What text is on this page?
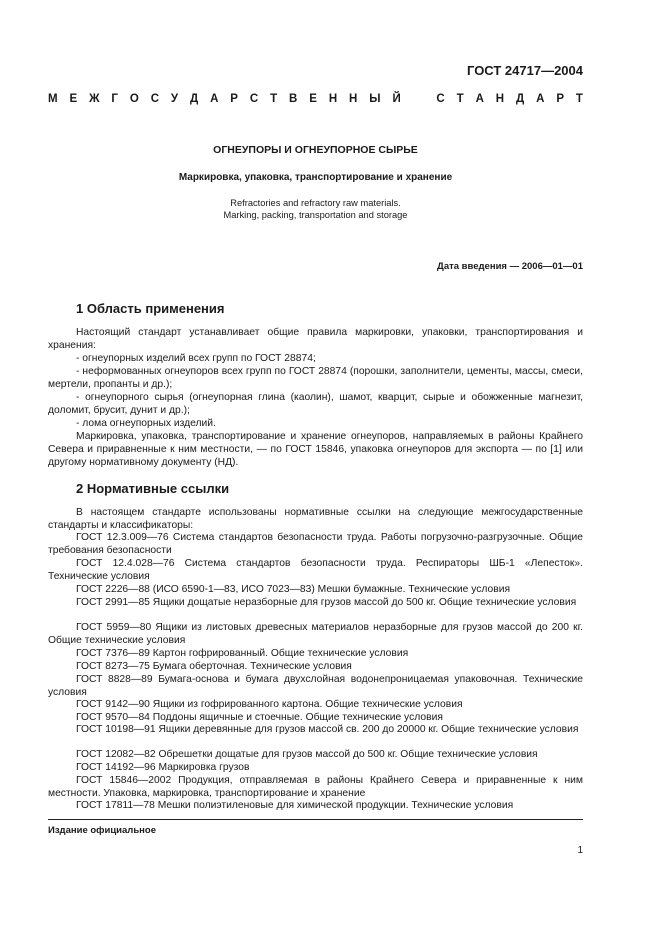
ГОСТ 24717—2004
М Е Ж Г О С У Д А Р С Т В Е Н Н Ы Й	С Т А Н Д А Р Т
ОГНЕУПОРЫ И ОГНЕУПОРНОЕ СЫРЬЕ
Маркировка, упаковка, транспортирование и хранение
Refractories and refractory raw materials.
Marking, packing, transportation and storage
Дата введения — 2006—01—01
1 Область применения

Настоящий стандарт устанавливает общие правила маркировки, упаковки, транспортирования и хранения:

- огнеупорных изделий всех групп по ГОСТ 28874;

- неформованных огнеупоров всех групп по ГОСТ 28874 (порошки, заполнители, цементы, массы, смеси, мертели, пропанты и др.);

- огнеупорного сырья (огнеупорная глина (каолин), шамот, кварцит, сырые и обожженные магнезит, доломит, брусит, дунит и др.);

- лома огнеупорных изделий.

Маркировка, упаковка, транспортирование и хранение огнеупоров, направляемых в районы Крайнего Севера и приравненные к ним местности, — по ГОСТ 15846, упаковка огнеупоров для экспорта — по [1] или другому нормативному документу (НД).

2 Нормативные ссылки

В настоящем стандарте использованы нормативные ссылки на следующие межгосударственные стандарты и классификаторы:

ГОСТ 12.3.009—76 Система стандартов безопасности труда. Работы погрузочно-разгрузочные. Общие требования безопасности

ГОСТ 12.4.028—76 Система стандартов безопасности труда. Респираторы ШБ-1 «Лепесток». Технические условия

ГОСТ 2226—88 (ИСО 6590-1—83, ИСО 7023—83) Мешки бумажные. Технические условия

ГОСТ 2991—85 Ящики дощатые неразборные для грузов массой до 500 кг. Общие технические условия

ГОСТ 5959—80 Ящики из листовых древесных материалов неразборные для грузов массой до 200 кг. Общие технические условия

ГОСТ 7376—89 Картон гофрированный. Общие технические условия

ГОСТ 8273—75 Бумага оберточная. Технические условия

ГОСТ 8828—89 Бумага-основа и бумага двухслойная водонепроницаемая упаковочная. Технические условия

ГОСТ 9142—90 Ящики из гофрированного картона. Общие технические условия

ГОСТ 9570—84 Поддоны ящичные и стоечные. Общие технические условия

ГОСТ 10198—91 Ящики деревянные для грузов массой св. 200 до 20000 кг. Общие технические условия

ГОСТ 12082—82 Обрешетки дощатые для грузов массой до 500 кг. Общие технические условия

ГОСТ 14192—96 Маркировка грузов

ГОСТ 15846—2002 Продукция, отправляемая в районы Крайнего Севера и приравненные к ним местности. Упаковка, маркировка, транспортирование и хранение

ГОСТ 17811—78 Мешки полиэтиленовые для химической продукции. Технические условия

Издание официальное
1
